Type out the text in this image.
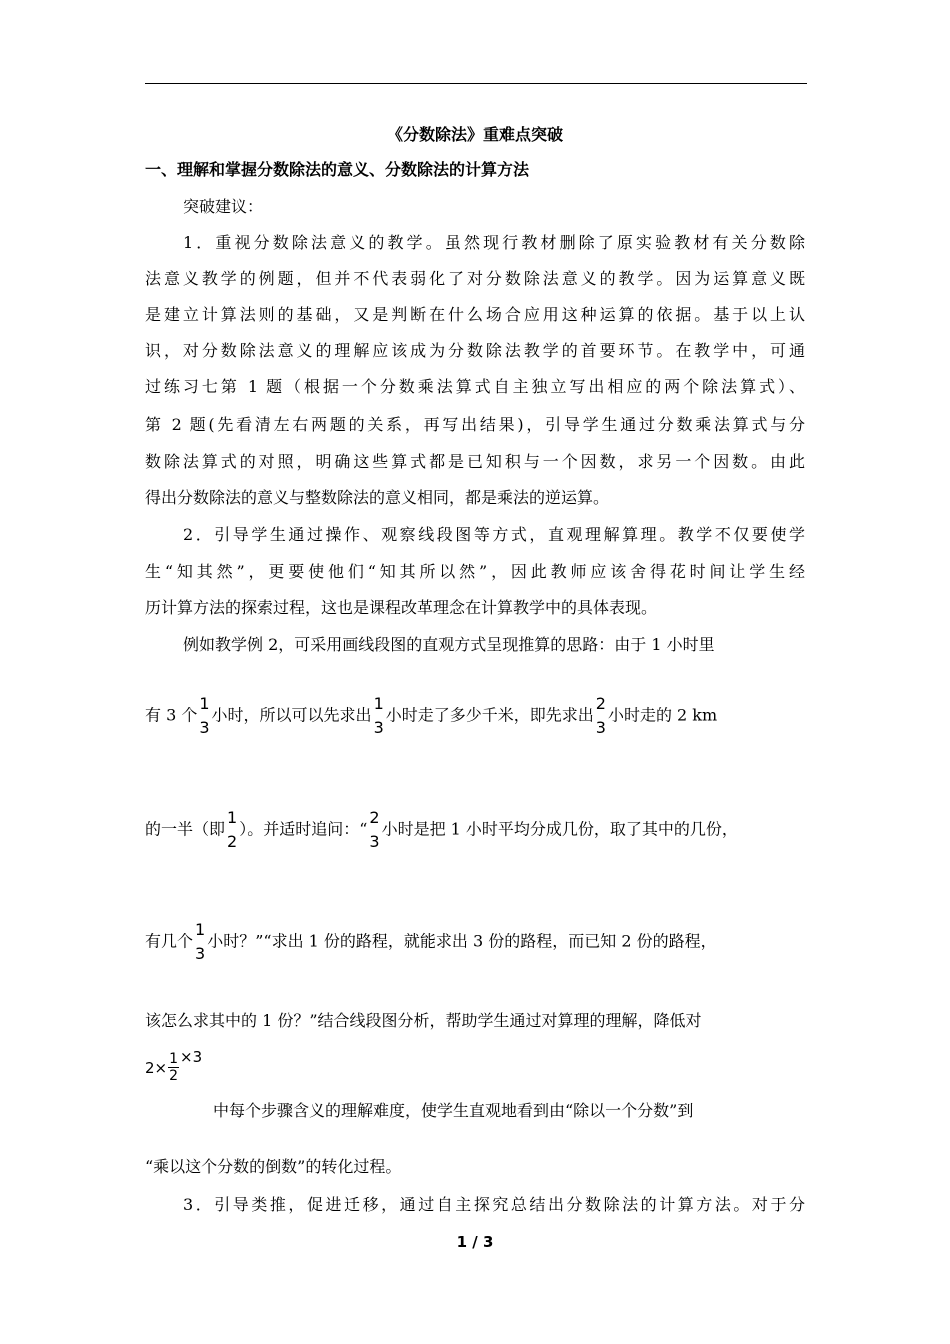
《分数除法》重难点突破
一、理解和掌握分数除法的意义、分数除法的计算方法
突破建议：
1．重视分数除法意义的教学。虽然现行教材删除了原实验教材有关分数除
法意义教学的例题，但并不代表弱化了对分数除法意义的教学。因为运算意义既
是建立计算法则的基础，又是判断在什么场合应用这种运算的依据。基于以上认
识，对分数除法意义的理解应该成为分数除法教学的首要环节。在教学中，可通
过练习七第 1 题（根据一个分数乘法算式自主独立写出相应的两个除法算式）、
第 2 题(先看清左右两题的关系，再写出结果)，引导学生通过分数乘法算式与分
数除法算式的对照，明确这些算式都是已知积与一个因数，求另一个因数。由此
得出分数除法的意义与整数除法的意义相同，都是乘法的逆运算。
2．引导学生通过操作、观察线段图等方式，直观理解算理。教学不仅要使学
生“知其然”，更要使他们“知其所以然”，因此教师应该舍得花时间让学生经
历计算方法的探索过程，这也是课程改革理念在计算教学中的具体表现。
例如教学例 2，可采用画线段图的直观方式呈现推算的思路：由于 1 小时里
有 3 个
1
3
小时，所以可以先求出
1
3
小时走了多少千米，即先求出
2
3
小时走的 2 km
的一半（即
1
2
）。并适时追问：“
2
3
小时是把 1 小时平均分成几份，取了其中的几份，
有几个
1
3
小时？”“求出 1 份的路程，就能求出 3 份的路程，而已知 2 份的路程，
该怎么求其中的 1 份？”结合线段图分析，帮助学生通过对算理的理解，降低对
$2\times \frac{1}{2} \times 3$
中每个步骤含义的理解难度，使学生直观地看到由“除以一个分数”到
“乘以这个分数的倒数”的转化过程。
3．引导类推，促进迁移，通过自主探究总结出分数除法的计算方法。对于分
1 / 3
